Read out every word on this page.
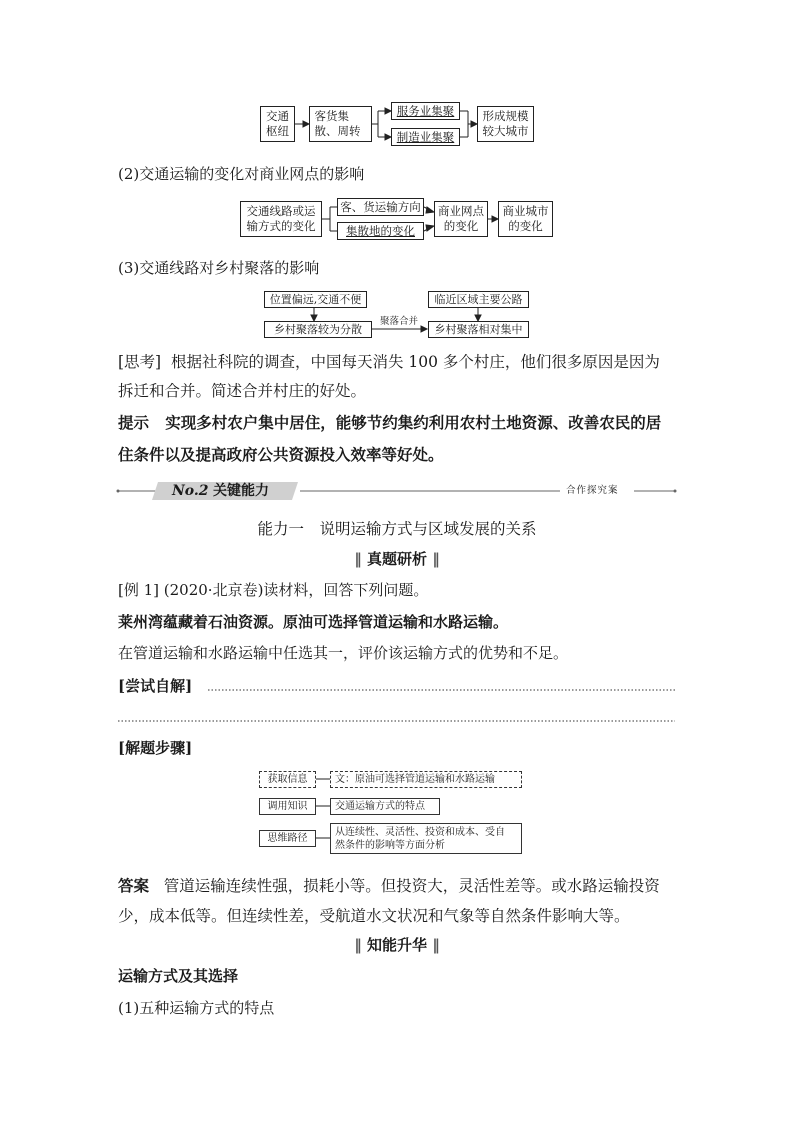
交通枢纽
客货集散、周转
服务业集聚
制造业集聚
形成规模较大城市
(2)交通运输的变化对商业网点的影响
交通线路或运输方式的变化
客、货运输方向
集散地的变化
商业网点的变化
商业城市的变化
(3)交通线路对乡村聚落的影响
位置偏远,交通不便	临近区域主要公路
乡村聚落较为分散	乡村聚落相对集中
聚落合并
[思考] 根据社科院的调查，中国每天消失 100 多个村庄，他们很多原因是因为
拆迁和合并。简述合并村庄的好处。
提示 实现多村农户集中居住，能够节约集约利用农村土地资源、改善农民的居
住条件以及提高政府公共资源投入效率等好处。
No.2 关键能力	合作探究案
能力一　说明运输方式与区域发展的关系
‖ 真题研析 ‖
[例 1] (2020·北京卷)读材料，回答下列问题。
莱州湾蕴藏着石油资源。原油可选择管道运输和水路运输。
在管道运输和水路运输中任选其一，评价该运输方式的优势和不足。
[尝试自解]
[解题步骤]
获取信息	文：原油可选择管道运输和水路运输
调用知识	交通运输方式的特点
思维路径
从连续性、灵活性、投资和成本、受自
然条件的影响等方面分析
答案 管道运输连续性强，损耗小等。但投资大，灵活性差等。或水路运输投资
少，成本低等。但连续性差，受航道水文状况和气象等自然条件影响大等。
‖ 知能升华 ‖
运输方式及其选择
(1)五种运输方式的特点
